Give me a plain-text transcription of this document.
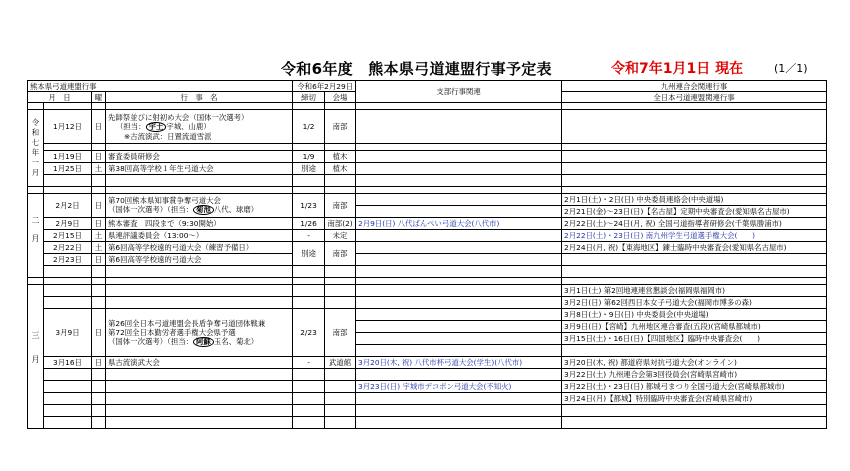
令和6年度　熊本県弓道連盟行事予定表	令和7年1月1日 現在	(1／1)
熊本県弓道連盟行事				令和6年2月29日		支部行事関連	九州連合会関連行事
月　日		曜	行　事　名	締切	会場		全日本弓道連盟関連行事

令和七年一月	1月12日	日	先師祭並びに射初め大会（国体一次選考）
（担当： 宇土 宇城、山鹿）
※古流演武：日置流道雪派	1/2	南部		

	1月19日	日	審査委員研修会	1/9	植木		
	1月25日	土	第38回高等学校１年生弓道大会	別途	植木		

二月	2月2日	日	第70回熊本県知事賞争奪弓道大会
（国体一次選考）（担当： 菊池 八代、球磨）	1/23	南部		2月1日(土)・2日(日) 中央委員連絡会(中央道場)
							2月21日(金)～23日(日)【名古屋】定期中央審査会(愛知県名古屋市)
	2月9日	日	熊本審査　四段まで（9:30開始）	1/26	南部(2)	2月9日(日) 八代ばんぺい弓道大会(八代市)	2月22日(土)～24日(月, 祝) 全国弓道指導者研修会(千葉県勝浦市)
	2月15日	土	県連評議委員会（13:00～）	-	未定		2月22日(土)・23日(日) 南九州学生弓道選手権大会(　　)
	2月22日	土	第6回高等学校遠的弓道大会（練習予備日）	別途	南部		2月24日(月, 祝)【東海地区】錬士臨時中央審査会(愛知県名古屋市)
	2月23日	日	第6回高等学校遠的弓道大会				

三月							3月1日(土) 第2回地連連営懇談会(福岡県福岡市)
							3月2日(日) 第62回西日本女子弓道大会(福岡市博多の森)
	3月9日	日	第26回全日本弓道連盟会長盾争奪弓道団体戦兼
第72回全日本勤労者選手権大会県予選
（国体一次選考）（担当： 阿蘇 玉名、菊北）	2/23	南部		3月8日(土)・9日(日) 中央委員会(中央道場)
							3月9日(日)【宮崎】九州地区連合審査(五段)(宮崎県都城市)
							3月15日(土)・16日(日)【四国地区】臨時中央審査会(　　)

	3月16日	日	県古流演武大会	-	武道館	3月20日(木, 祝) 八代市杯弓道大会(学生)(八代市)	3月20日(木, 祝) 都道府県対抗弓道大会(オンライン)
							3月22日(土) 九州連合会第3回役員会(宮崎県宮崎市)
						3月23日(日) 宇城市デコポン弓道大会(不知火)	3月22日(土)・23日(日) 都城弓まつり全国弓道大会(宮崎県都城市)
							3月24日(月)【都城】特別臨時中央審査会(宮崎県宮崎市)
